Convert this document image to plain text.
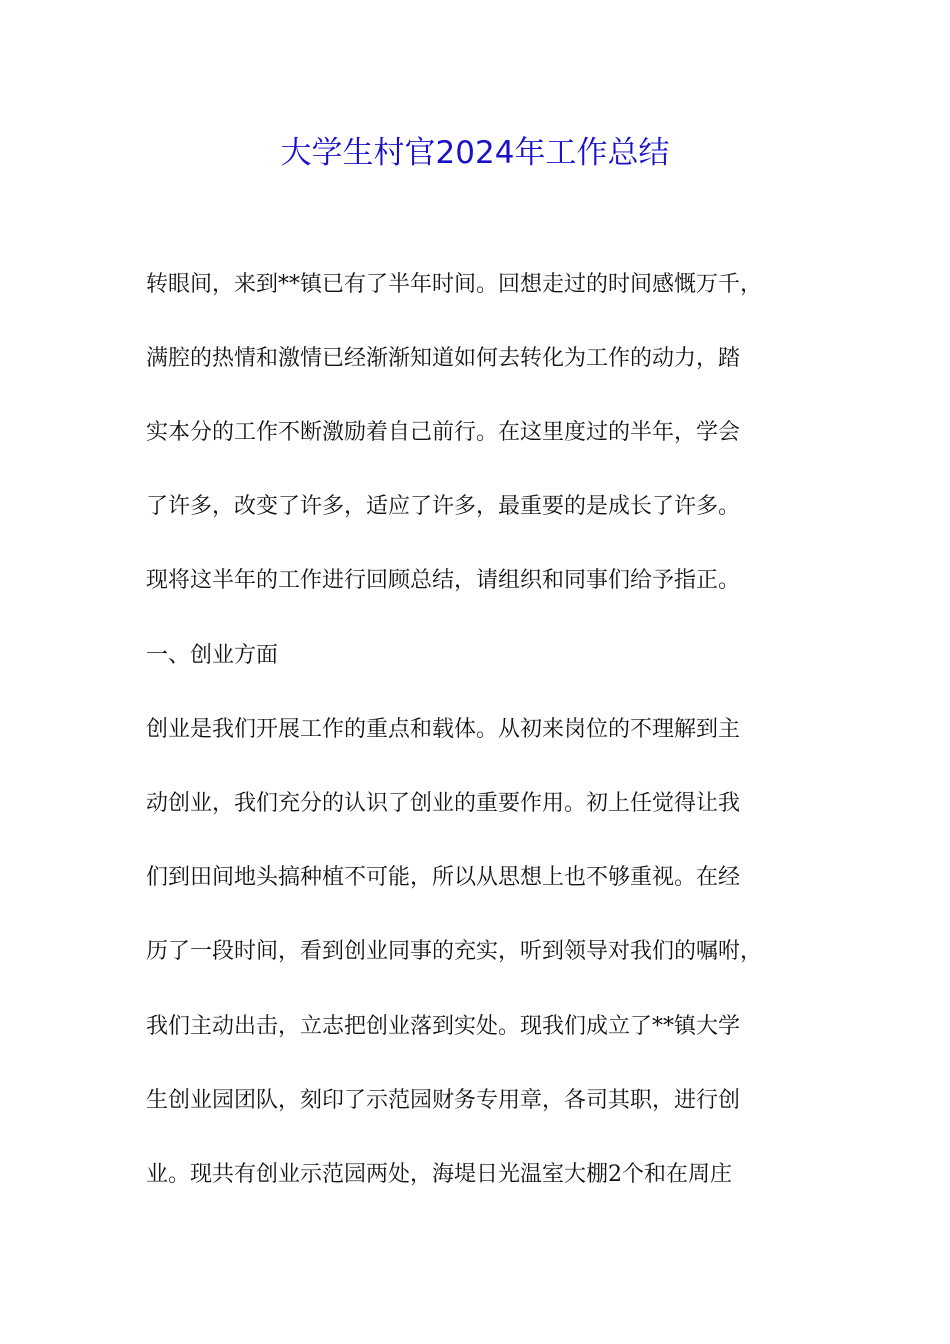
大学生村官2024年工作总结
转眼间，来到**镇已有了半年时间。回想走过的时间感慨万千，
满腔的热情和激情已经渐渐知道如何去转化为工作的动力，踏
实本分的工作不断激励着自己前行。在这里度过的半年，学会
了许多，改变了许多，适应了许多，最重要的是成长了许多。
现将这半年的工作进行回顾总结，请组织和同事们给予指正。
一、创业方面
创业是我们开展工作的重点和载体。从初来岗位的不理解到主
动创业，我们充分的认识了创业的重要作用。初上任觉得让我
们到田间地头搞种植不可能，所以从思想上也不够重视。在经
历了一段时间，看到创业同事的充实，听到领导对我们的嘱咐，
我们主动出击，立志把创业落到实处。现我们成立了**镇大学
生创业园团队，刻印了示范园财务专用章，各司其职，进行创
业。现共有创业示范园两处，海堤日光温室大棚2个和在周庄
